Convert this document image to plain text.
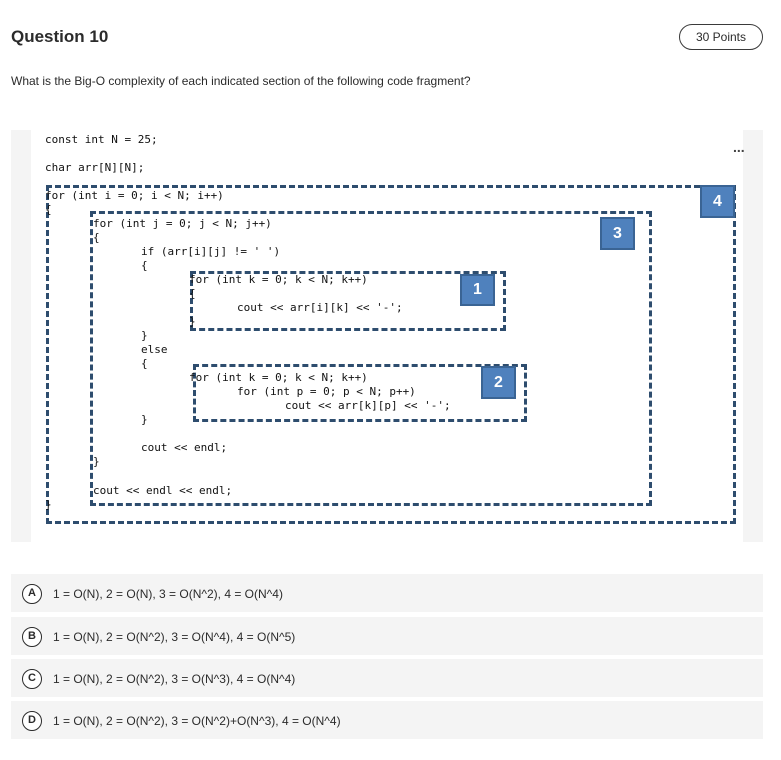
Question 10	30 Points
What is the Big-O complexity of each indicated section of the following code fragment?
const int N = 25;
char arr[N][N];
for (int i = 0; i < N; i++)
{
for (int j = 0; j < N; j++)
{
if (arr[i][j] != ' ')
{
for (int k = 0; k < N; k++)
{
cout << arr[i][k] << '-';
}
}
else
{
for (int k = 0; k < N; k++)
for (int p = 0; p < N; p++)
cout << arr[k][p] << '-';
}
cout << endl;
}
cout << endl << endl;
}
4
3
1
2
...
A	1 = O(N), 2 = O(N), 3 = O(N^2), 4 = O(N^4)
B	1 = O(N), 2 = O(N^2), 3 = O(N^4), 4 = O(N^5)
C	1 = O(N), 2 = O(N^2), 3 = O(N^3), 4 = O(N^4)
D	1 = O(N), 2 = O(N^2), 3 = O(N^2)+O(N^3), 4 = O(N^4)
